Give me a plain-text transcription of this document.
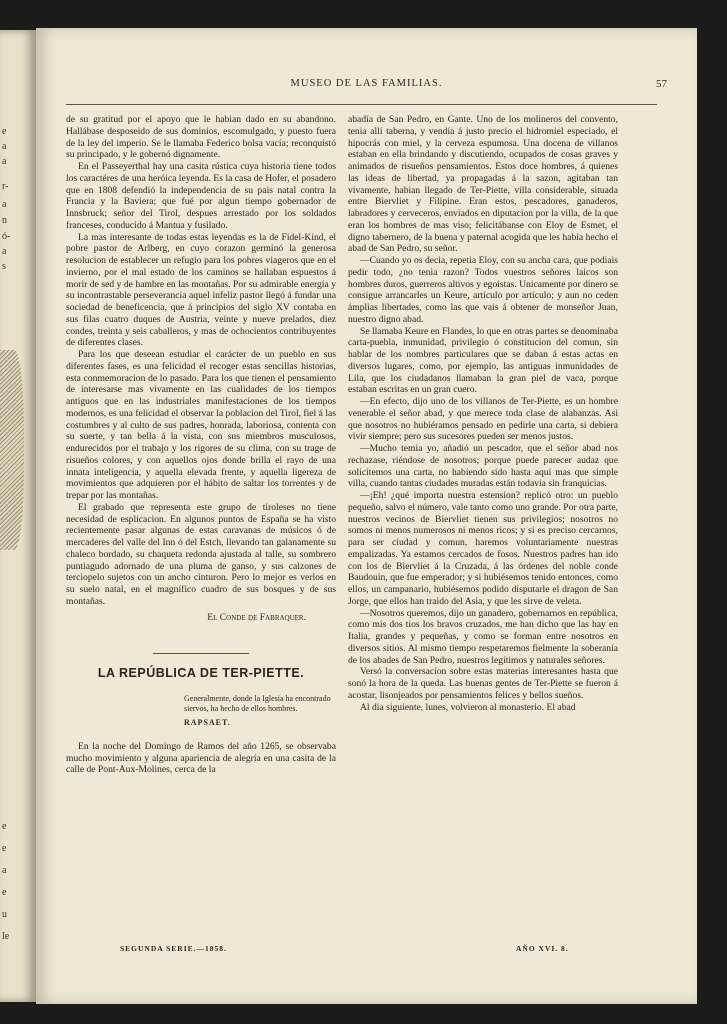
e
a
a
r-
a
n
ó-
a
s
e
e
a
e
u
le
MUSEO DE LAS FAMILIAS.	57

de su gratitud por el apoyo que le habian dado en su abandono. Hallábase desposeido de sus dominios, escomulgado, y puesto fuera de la ley del imperio. Se le llamaba Federico bolsa vacía; reconquistó su principado, y le gobernó dignamente.

En el Passeyerthal hay una casita rústica cuya historia tiene todos los caractéres de una heróica leyenda. Es la casa de Hofer, el posadero que en 1808 defendió la independencia de su pais natal contra la Francia y la Baviera; que fué por algun tiempo gobernador de Innsbruck; señor del Tirol, despues arrestado por los soldados franceses, conducido á Mantua y fusilado.

La mas interesante de todas estas leyendas es la de Fidel-Kind, el pobre pastor de Arlberg, en cuyo corazon germinó la generosa resolucion de establecer un refugio para los pobres viageros que en el invierno, por el mal estado de los caminos se hallaban espuestos á morir de sed y de hambre en las montañas. Por su admirable energía y su incontrastable perseverancia aquel infeliz pastor llegó á fundar una sociedad de beneficencia, que á principios del siglo XV contaba en sus filas cuatro duques de Austria, veinte y nueve prelados, diez condes, treinta y seis caballeros, y mas de ochocientos contribuyentes de diferentes clases.

Para los que deseean estudiar el carácter de un pueblo en sus diferentes fases, es una felicidad el recoger estas sencillas historias, esta conmemoracion de lo pasado. Para los que tienen el pensamiento de interesarse mas vivamente en las cualidades de los tiempos antiguos que en las industriales manifestaciones de los tiempos modernos, es una felicidad el observar la poblacion del Tirol, fiel á las costumbres y al culto de sus padres, honrada, laboriosa, contenta con su suerte, y tan bella á la vista, con sus miembros musculosos, endurecidos por el trabajo y los rigores de su clima, con su trage de risueños colores, y con aquellos ojos donde brilla el rayo de una innata inteligencia, y aquella elevada frente, y aquella ligereza de movimientos que adquieren por el hábito de saltar los torrentes y de trepar por las montañas.

El grabado que representa este grupo de tiroleses no tiene necesidad de esplicacion. En algunos puntos de España se ha visto recientemente pasar algunas de estas caravanas de músicos ó de mercaderes del valle del Inn ó del Estch, llevando tan galanamente su chaleco bordado, su chaqueta redonda ajustada al talle, su sombrero puntiagudo adornado de una pluma de ganso, y sus calzones de terciopelo sujetos con un ancho cinturon. Pero lo mejor es verlos en su suelo natal, en el magnífico cuadro de sus bosques y de sus montañas.

El Conde de Fabraquer.
LA REPÚBLICA DE TER-PIETTE.
Generalmente, donde la Iglesia ha encontrado siervos, ha hecho de ellos hombres.
RAPSAET.

En la noche del Domingo de Ramos del año 1265, se observaba mucho movimiento y alguna apariencia de alegría en una casita de la calle de Pont-Aux-Molines, cerca de la

abadía de San Pedro, en Gante. Uno de los molineros del convento, tenia allí taberna, y vendía á justo precio el hidromiel especiado, el hipocrás con miel, y la cerveza espumosa. Una docena de villanos estaban en ella brindando y discutiendo, ocupados de cosas graves y animados de risueños pensamientos. Estos doce hombres, á quienes las ideas de libertad, ya propagadas á la sazon, agitaban tan vivamente, habian llegado de Ter-Piette, villa considerable, situada entre Biervliet y Filipine. Eran estos, pescadores, ganaderos, labradores y cerveceros, enviados en diputacion por la villa, de la que eran los hombres de mas viso; felicitábanse con Eloy de Esmet, el digno tabernero, de la buena y paternal acogida que les habia hecho el abad de San Pedro, su señor.

—Cuando yo os decia, repetia Eloy, con su ancha cara, que podiais pedir todo, ¿no tenia razon? Todos vuestros señores laicos son hombres duros, guerreros altivos y egoistas. Unicamente por dinero se consigue arrancarles un Keure, artículo por artículo; y aun no ceden ámplias libertades, como las que vais á obtener de monseñor Juan, nuestro digno abad.

Se llamaba Keure en Flandes, lo que en otras partes se denominaba carta-puebla, inmunidad, privilegio ó constitucion del comun, sin hablar de los nombres particulares que se daban á estas actas en diversos lugares, como, por ejemplo, las antiguas inmunidades de Lila, que los ciudadanos llamaban la gran piel de vaca, porque estaban escritas en un gran cuero.

—En efecto, dijo uno de los villanos de Ter-Piette, es un hombre venerable el señor abad, y que merece toda clase de alabanzas. Asi que nosotros no hubiéramos pensado en pedirle una carta, si debiera vivir siempre; pero sus sucesores pueden ser menos justos.

—Mucho temia yo, añadió un pescador, que el señor abad nos rechazase, riéndose de nosotros; porque puede parecer audaz que solicitemos una carta, no habiendo sido hasta aquí mas que simple villa, cuando tantas ciudades muradas están todavía sin franquicias.

—¡Eh! ¿qué importa nuestra estension? replicó otro: un pueblo pequeño, salvo el número, vale tanto como uno grande. Por otra parte, nuestros vecinos de Biervliet tienen sus privilegios; nosotros no somos ni menos numerosos ni menos ricos; y si es preciso cercarnos, para ser ciudad y comun, haremos voluntariamente nuestras empalizadas. Ya estamos cercados de fosos. Nuestros padres han ido con los de Biervliet á la Cruzada, á las órdenes del noble conde Baudouin, que fue emperador; y si hubiésemos tenido entonces, como ellos, un campanario, hubiésemos podido disputarle el dragon de San Jorge, que ellos han traido del Asia, y que les sirve de veleta.

—Nosotros queremos, dijo un ganadero, gobernarnos en república, como mis dos tios los bravos cruzados, me han dicho que las hay en Italia, grandes y pequeñas, y como se forman entre nosotros en diversos sitios. Al mismo tiempo respetaremos fielmente la soberanía de los abades de San Pedro, nuestros legítimos y naturales señores.

Versó la conversacion sobre estas materias interesantes hasta que sonó la hora de la queda. Las buenas gentes de Ter-Piette se fueron á acostar, lisonjeados por pensamientos felices y bellos sueños.

Al dia siguiente, lunes, volvieron al monasterio. El abad

SEGUNDA SERIE.—1858.	AÑO XVI. 8.
